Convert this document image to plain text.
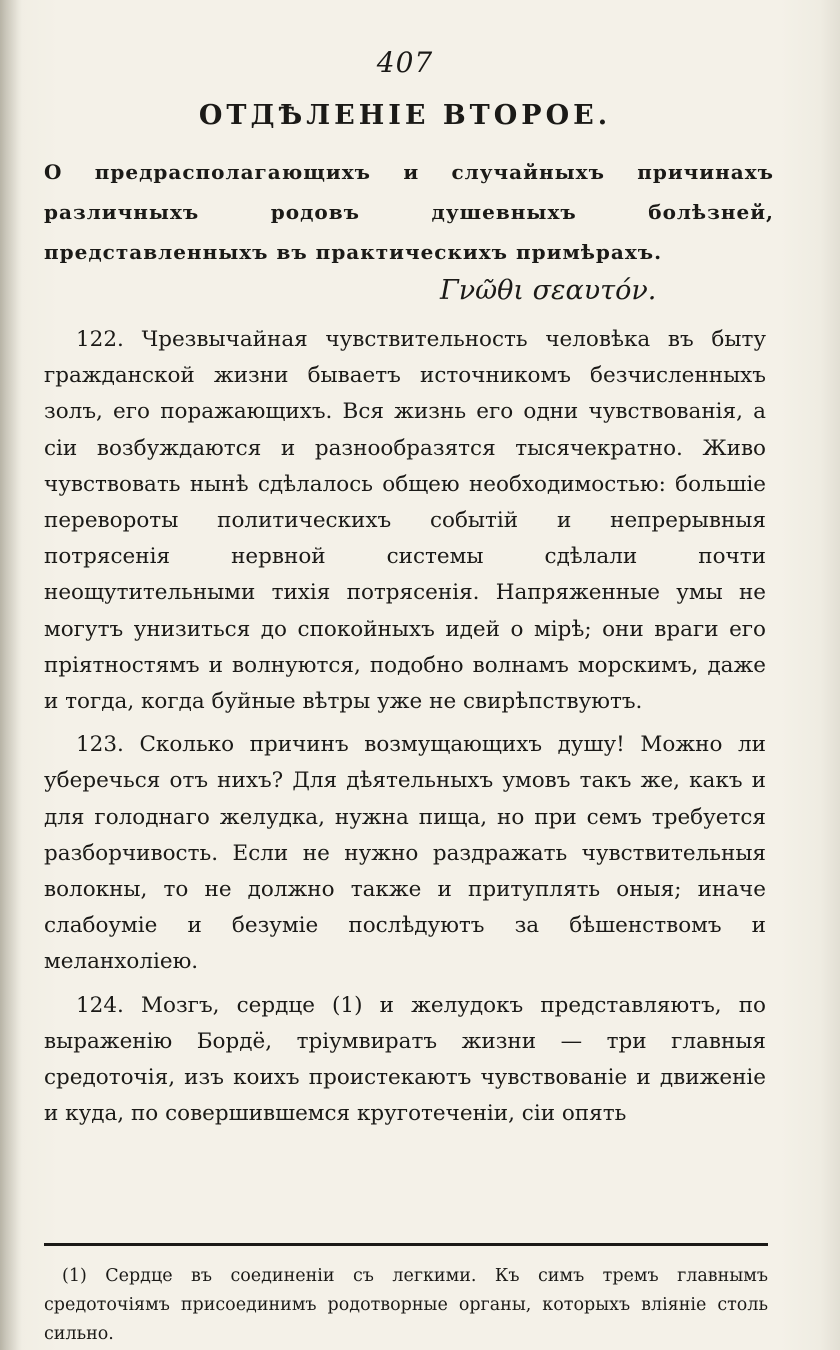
407
ОТДѢЛЕНІЕ ВТОРОЕ.
О предрасполагающихъ и случайныхъ причинахъ различныхъ родовъ душевныхъ болѣзней, представленныхъ въ практическихъ примѣрахъ.
Γνῶθι σεαυτόν.

122. Чрезвычайная чувствительность человѣка въ быту гражданской жизни бываетъ источникомъ безчисленныхъ золъ, его поражающихъ. Вся жизнь его одни чувствованія, а сіи возбуждаются и разнообразятся тысячекратно. Живо чувствовать нынѣ сдѣлалось общею необходимостью: большіе перевороты политическихъ событій и непрерывныя потрясенія нервной системы сдѣлали почти неощутительными тихія потрясенія. Напряженные умы не могутъ унизиться до спокойныхъ идей о мірѣ; они враги его пріятностямъ и волнуются, подобно волнамъ морскимъ, даже и тогда, когда буйные вѣтры уже не свирѣпствуютъ.

123. Сколько причинъ возмущающихъ душу! Можно ли уберечься отъ нихъ? Для дѣятельныхъ умовъ такъ же, какъ и для голоднаго желудка, нужна пища, но при семъ требуется разборчивость. Если не нужно раздражать чувствительныя волокны, то не должно также и притуплять оныя; иначе слабоуміе и безуміе послѣдуютъ за бѣшенствомъ и меланхоліею.

124. Мозгъ, сердце (1) и желудокъ представляютъ, по выраженію Бордё, тріумвиратъ жизни — три главныя средоточія, изъ коихъ проистекаютъ чувствованіе и движеніе и куда, по совершившемся круготеченіи, сіи опять

(1) Сердце въ соединеніи съ легкими. Къ симъ тремъ главнымъ средоточіямъ присоединимъ родотворные органы, которыхъ вліяніе столь сильно.
